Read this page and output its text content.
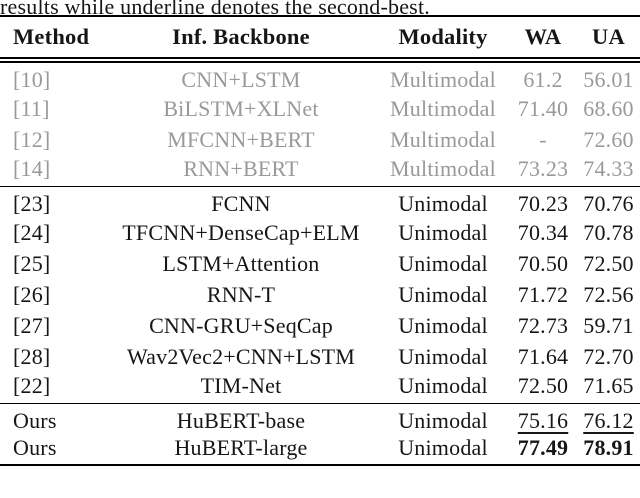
results while underline denotes the second-best.

Method	Inf. Backbone	Modality	WA	UA
[10]	CNN+LSTM	Multimodal	61.2	56.01
[11]	BiLSTM+XLNet	Multimodal	71.40	68.60
[12]	MFCNN+BERT	Multimodal	-	72.60
[14]	RNN+BERT	Multimodal	73.23	74.33
[23]	FCNN	Unimodal	70.23	70.76
[24]	TFCNN+DenseCap+ELM	Unimodal	70.34	70.78
[25]	LSTM+Attention	Unimodal	70.50	72.50
[26]	RNN-T	Unimodal	71.72	72.56
[27]	CNN-GRU+SeqCap	Unimodal	72.73	59.71
[28]	Wav2Vec2+CNN+LSTM	Unimodal	71.64	72.70
[22]	TIM-Net	Unimodal	72.50	71.65
Ours	HuBERT-base	Unimodal	75.16	76.12
Ours	HuBERT-large	Unimodal	77.49	78.91
